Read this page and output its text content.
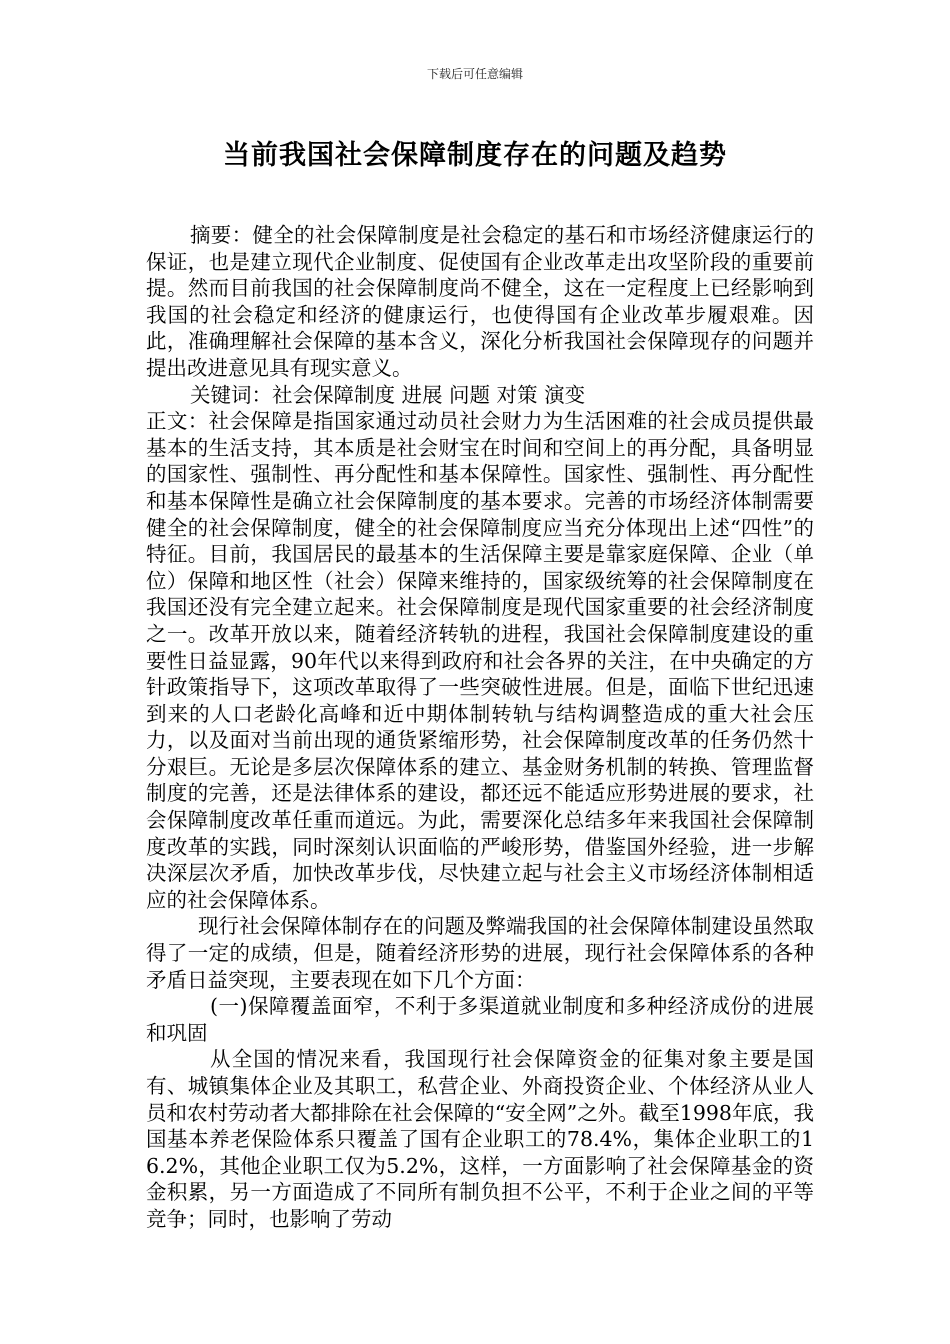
下载后可任意编辑
当前我国社会保障制度存在的问题及趋势

摘要：健全的社会保障制度是社会稳定的基石和市场经济健康运行的保证，也是建立现代企业制度、促使国有企业改革走出攻坚阶段的重要前提。然而目前我国的社会保障制度尚不健全，这在一定程度上已经影响到我国的社会稳定和经济的健康运行，也使得国有企业改革步履艰难。因此，准确理解社会保障的基本含义，深化分析我国社会保障现存的问题并提出改进意见具有现实意义。

关键词：社会保障制度 进展 问题 对策 演变

正文：社会保障是指国家通过动员社会财力为生活困难的社会成员提供最基本的生活支持，其本质是社会财宝在时间和空间上的再分配，具备明显的国家性、强制性、再分配性和基本保障性。国家性、强制性、再分配性和基本保障性是确立社会保障制度的基本要求。完善的市场经济体制需要健全的社会保障制度，健全的社会保障制度应当充分体现出上述“四性”的特征。目前，我国居民的最基本的生活保障主要是靠家庭保障、企业（单位）保障和地区性（社会）保障来维持的，国家级统筹的社会保障制度在我国还没有完全建立起来。社会保障制度是现代国家重要的社会经济制度之一。改革开放以来，随着经济转轨的进程，我国社会保障制度建设的重要性日益显露，90年代以来得到政府和社会各界的关注，在中央确定的方针政策指导下，这项改革取得了一些突破性进展。但是，面临下世纪迅速到来的人口老龄化高峰和近中期体制转轨与结构调整造成的重大社会压力，以及面对当前出现的通货紧缩形势，社会保障制度改革的任务仍然十分艰巨。无论是多层次保障体系的建立、基金财务机制的转换、管理监督制度的完善，还是法律体系的建设，都还远不能适应形势进展的要求，社会保障制度改革任重而道远。为此，需要深化总结多年来我国社会保障制度改革的实践，同时深刻认识面临的严峻形势，借鉴国外经验，进一步解决深层次矛盾，加快改革步伐，尽快建立起与社会主义市场经济体制相适应的社会保障体系。

现行社会保障体制存在的问题及弊端我国的社会保障体制建设虽然取得了一定的成绩，但是，随着经济形势的进展，现行社会保障体系的各种矛盾日益突现，主要表现在如下几个方面：

(一)保障覆盖面窄，不利于多渠道就业制度和多种经济成份的进展和巩固

从全国的情况来看，我国现行社会保障资金的征集对象主要是国有、城镇集体企业及其职工，私营企业、外商投资企业、个体经济从业人员和农村劳动者大都排除在社会保障的“安全网”之外。截至1998年底，我国基本养老保险体系只覆盖了国有企业职工的78.4%，集体企业职工的16.2%，其他企业职工仅为5.2%，这样，一方面影响了社会保障基金的资金积累，另一方面造成了不同所有制负担不公平，不利于企业之间的平等竞争；同时，也影响了劳动
